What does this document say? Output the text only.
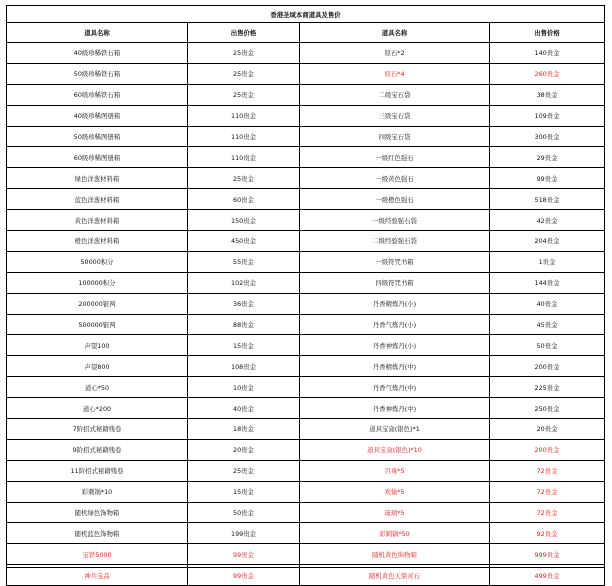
香港圣域本商道具及售价			
道具名称	出售价格	道具名称	出售价格
40级珍稀铁石箱	25贵金	原石*2	140贵金
50级珍稀铁石箱	25贵金	原石*4	260贵金
60级珍稀铁石箱	25贵金	二级宝石袋	38贵金
40级珍稀图册箱	110贵金	三级宝石袋	109贵金
50级珍稀图册箱	110贵金	四级宝石袋	300贵金
60级珍稀图册箱	110贵金	一级红色强石	29贵金
绿色洋葱材料箱	25贵金	一级黄色强石	99贵金
蓝色洋葱材料箱	60贵金	一级橙色强石	518贵金
黄色洋葱材料箱	150贵金	一级经验强石袋	42贵金
橙色洋葱材料箱	450贵金	二级经验强石袋	204贵金
50000积分	55贵金	一级符咒书箱	1贵金
100000积分	102贵金	四级符咒书箱	144贵金
200000银两	36贵金	丹香精炼丹(小)	40贵金
500000银两	88贵金	丹香气炼丹(小)	45贵金
声望100	15贵金	丹香神炼丹(小)	50贵金
声望800	108贵金	丹香精炼丹(中)	200贵金
道心*50	10贵金	丹香气炼丹(中)	225贵金
道心*200	40贵金	丹香神炼丹(中)	250贵金
7阶招式秘籍残卷	18贵金	道具宝盒(银色)*1	20贵金
9阶招式秘籍残卷	20贵金	道具宝盒(银色)*10	200贵金
11阶招式秘籍残卷	25贵金	百毒*5	72贵金
彩刺锅*10	15贵金	欢愉*5	72贵金
随机绿色饰物箱	50贵金	琉璃*5	72贵金
随机蓝色饰物箱	199贵金	彩刺锅*50	92贵金
宝铁5000	99贵金	随机黄色饰物箱	999贵金
神兵宝品	99贵金	随机黄色天鼎灵石	499贵金
